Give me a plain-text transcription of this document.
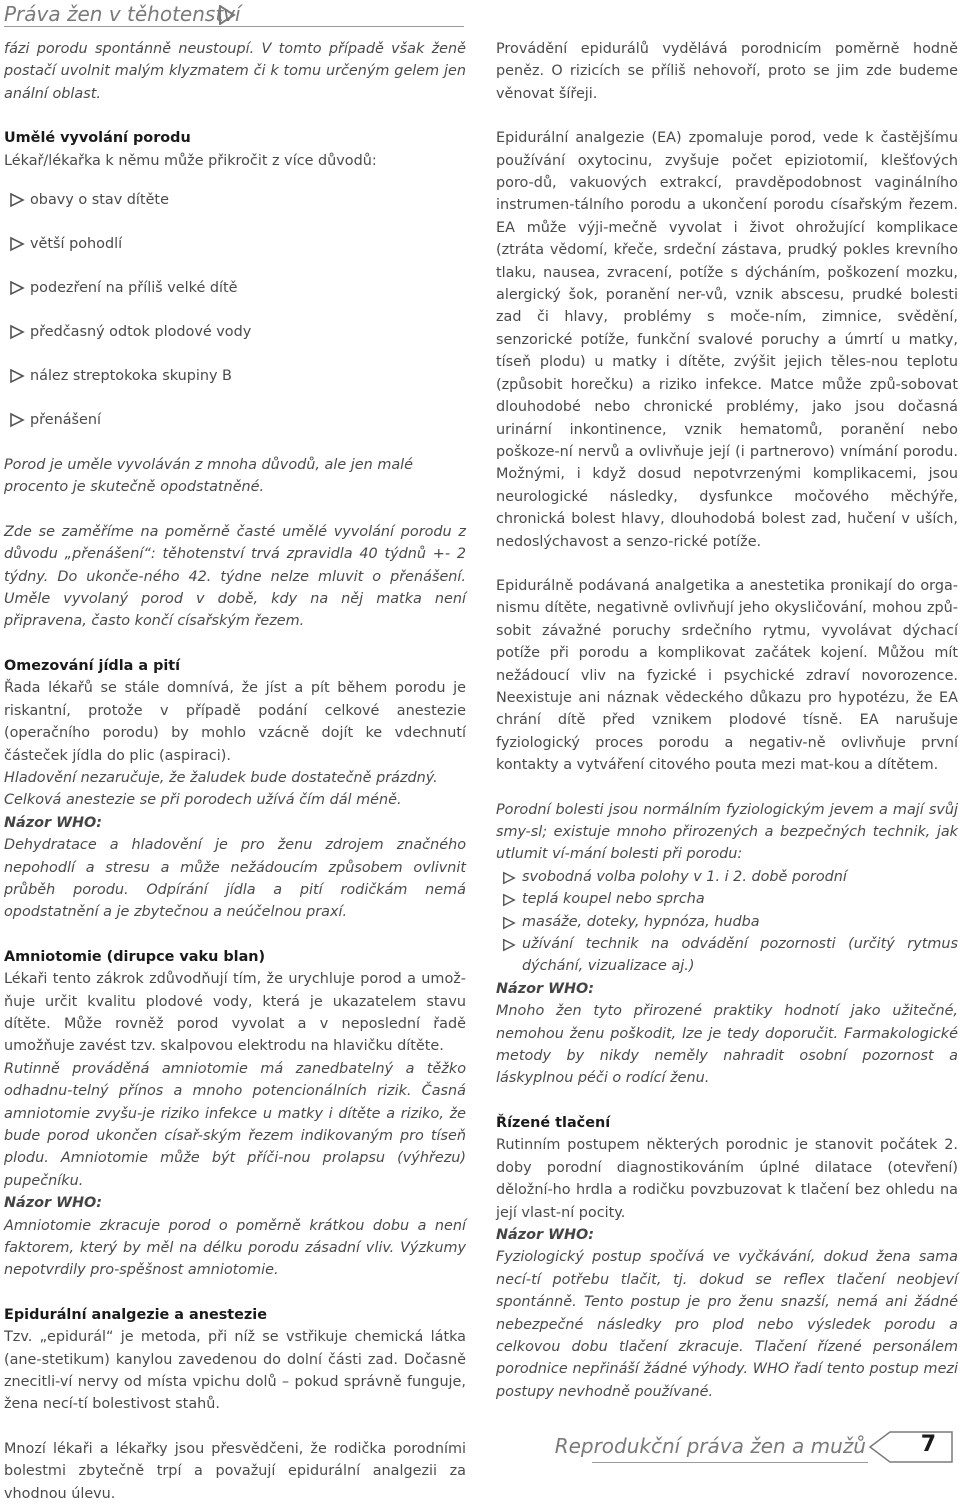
Práva žen v těhotenství

fázi porodu spontánně neustoupí. V tomto případě však ženě postačí uvolnit malým klyzmatem či k tomu určeným gelem jen anální oblast.

Umělé vyvolání porodu

Lékař/lékařka k němu může přikročit z více důvodů:

obavy o stav dítěte
větší pohodlí
podezření na příliš velké dítě
předčasný odtok plodové vody
nález streptokoka skupiny B
přenášení

Porod je uměle vyvoláván z mnoha důvodů, ale jen malé procento je skutečně opodstatněné.

Zde se zaměříme na poměrně časté umělé vyvolání porodu z důvodu „přenášení“: těhotenství trvá zpravidla 40 týdnů +- 2 týdny. Do ukonče-ného 42. týdne nelze mluvit o přenášení. Uměle vyvolaný porod v době, kdy na něj matka není připravena, často končí císařským řezem.

Omezování jídla a pití

Řada lékařů se stále domnívá, že jíst a pít během porodu je riskantní, protože v případě podání celkové anestezie (operačního porodu) by mohlo vzácně dojít ke vdechnutí částeček jídla do plic (aspiraci).

Hladovění nezaručuje, že žaludek bude dostatečně prázdný. Celková anestezie se při porodech užívá čím dál méně.

Názor WHO:

Dehydratace a hladovění je pro ženu zdrojem značného nepohodlí a stresu a může nežádoucím způsobem ovlivnit průběh porodu. Odpírání jídla a pití rodičkám nemá opodstatnění a je zbytečnou a neúčelnou praxí.

Amniotomie (dirupce vaku blan)

Lékaři tento zákrok zdůvodňují tím, že urychluje porod a umož-ňuje určit kvalitu plodové vody, která je ukazatelem stavu dítěte. Může rovněž porod vyvolat a v neposlední řadě umožňuje zavést tzv. skalpovou elektrodu na hlavičku dítěte.

Rutinně prováděná amniotomie má zanedbatelný a těžko odhadnu-telný přínos a mnoho potencionálních rizik. Časná amniotomie zvyšu-je riziko infekce u matky i dítěte a riziko, že bude porod ukončen císař-ským řezem indikovaným pro tíseň plodu. Amniotomie může být příči-nou prolapsu (výhřezu) pupečníku.

Názor WHO:

Amniotomie zkracuje porod o poměrně krátkou dobu a není faktorem, který by měl na délku porodu zásadní vliv. Výzkumy nepotvrdily pro-spěšnost amniotomie.

Epidurální analgezie a anestezie

Tzv. „epidurál“ je metoda, při níž se vstřikuje chemická látka (ane-stetikum) kanylou zavedenou do dolní části zad. Dočasně znecitli-ví nervy od místa vpichu dolů – pokud správně funguje, žena necí-tí bolestivost stahů.

Mnozí lékaři a lékařky jsou přesvědčeni, že rodička porodními bolestmi zbytečně trpí a považují epidurální analgezii za vhodnou úlevu.

Provádění epidurálů vydělává porodnicím poměrně hodně peněz. O rizicích se příliš nehovoří, proto se jim zde budeme věnovat šířeji.

Epidurální analgezie (EA) zpomaluje porod, vede k častějšímu používání oxytocinu, zvyšuje počet epiziotomií, klešťových poro-dů, vakuových extrakcí, pravděpodobnost vaginálního instrumen-tálního porodu a ukončení porodu císařským řezem. EA může výji-mečně vyvolat i život ohrožující komplikace (ztráta vědomí, křeče, srdeční zástava, prudký pokles krevního tlaku, nausea, zvracení, potíže s dýcháním, poškození mozku, alergický šok, poranění ner-vů, vznik abscesu, prudké bolesti zad či hlavy, problémy s moče-ním, zimnice, svědění, senzorické potíže, funkční svalové poruchy a úmrtí u matky, tíseň plodu) u matky i dítěte, zvýšit jejich těles-nou teplotu (způsobit horečku) a riziko infekce. Matce může způ-sobovat dlouhodobé nebo chronické problémy, jako jsou dočasná urinární inkontinence, vznik hematomů, poranění nebo poškoze-ní nervů a ovlivňuje její (i partnerovo) vnímání porodu. Možnými, i když dosud nepotvrzenými komplikacemi, jsou neurologické následky, dysfunkce močového měchýře, chronická bolest hlavy, dlouhodobá bolest zad, hučení v uších, nedoslýchavost a senzo-rické potíže.

Epidurálně podávaná analgetika a anestetika pronikají do orga-nismu dítěte, negativně ovlivňují jeho okysličování, mohou způ-sobit závažné poruchy srdečního rytmu, vyvolávat dýchací potíže při porodu a komplikovat začátek kojení. Můžou mít nežádoucí vliv na fyzické i psychické zdraví novorozence. Neexistuje ani náznak vědeckého důkazu pro hypotézu, že EA chrání dítě před vznikem plodové tísně. EA narušuje fyziologický proces porodu a negativ-ně ovlivňuje první kontakty a vytváření citového pouta mezi mat-kou a dítětem.

Porodní bolesti jsou normálním fyziologickým jevem a mají svůj smy-sl; existuje mnoho přirozených a bezpečných technik, jak utlumit ví-mání bolesti při porodu:

svobodná volba polohy v 1. i 2. době porodní
teplá koupel nebo sprcha
masáže, doteky, hypnóza, hudba
užívání technik na odvádění pozornosti (určitý rytmus dýchání, vizualizace aj.)

Názor WHO:

Mnoho žen tyto přirozené praktiky hodnotí jako užitečné, nemohou ženu poškodit, lze je tedy doporučit. Farmakologické metody by nikdy neměly nahradit osobní pozornost a láskyplnou péči o rodící ženu.

Řízené tlačení

Rutinním postupem některých porodnic je stanovit počátek 2. doby porodní diagnostikováním úplné dilatace (otevření) děložní-ho hrdla a rodičku povzbuzovat k tlačení bez ohledu na její vlast-ní pocity.

Názor WHO:

Fyziologický postup spočívá ve vyčkávání, dokud žena sama necí-tí potřebu tlačit, tj. dokud se reflex tlačení neobjeví spontánně. Tento postup je pro ženu snazší, nemá ani žádné nebezpečné následky pro plod nebo výsledek porodu a celkovou dobu tlačení zkracuje. Tlačení řízené personálem porodnice nepřináší žádné výhody. WHO řadí tento postup mezi postupy nevhodně používané.

Reprodukční práva žen a mužů 7
